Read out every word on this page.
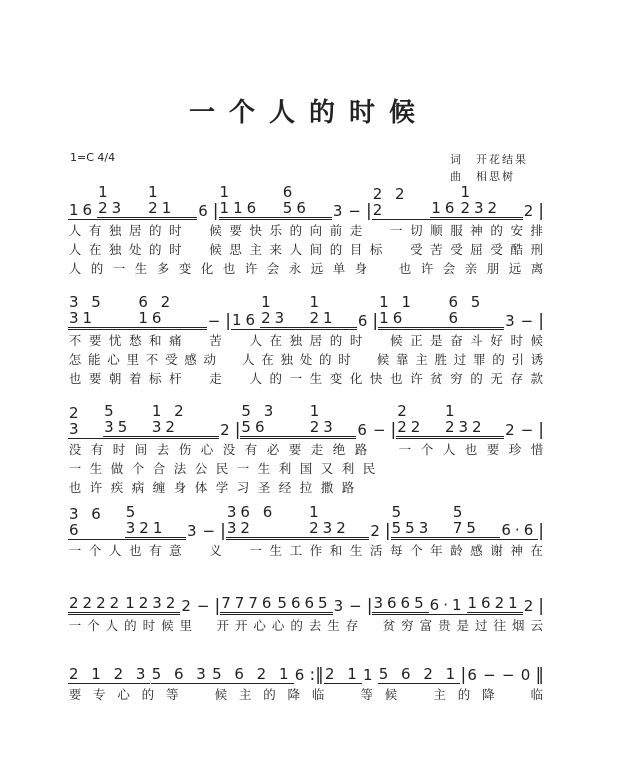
一个人的时候
1=C 4/4	词　开花结果
曲　相思树
16
1 23
1 21	6 |
1 116
6 56	3 − |
2 2 2	16
1 232	2 |
人 有 独 居 的 时 候 要 快 乐 的 向 前 走 一 切 顺 服 神 的 安 排
人 在 独 处 的 时 候 思 主 来 人 间 的 目 标 受 苦 受 屈 受 酷 刑
人 的 一 生 多 变 化 也 许 会 永 远 单 身	也 许 会 亲 朋 远 离
3 5 31
6 2 16	− | 16
1 23
1 21	6 |
1 1 16
6 5 6	3 − |
不 要 忧 愁 和 痛 苦 人 在 独 居 的 时 候 正 是 奋 斗 好 时 候
怎 能 心 里 不 受 感 动 人 在 独 处 的 时 候 靠 主 胜 过 罪 的 引 诱
也 要 朝 着 标 杆 走 人 的 一 生 变 化 快 也 许 贫 穷 的 无 存 款
2 3
5 35
1 2 32	2 |
5 3 56
1 23	6 − |
2 22
1 232	2 − |
没 有 时 间 去 伤 心 没 有 必 要 走 绝 路	一 个 人 也 要 珍 惜
一 生 做 个 合 法 公 民 一 生 利 国 又 利 民
也 许 疾 病 缠 身 体 学 习 圣 经 拉 撒 路
3 6 6
5 321	3 − |
36 6 32
1 232	2 |
5 553
5 75	6·6 |
一 个 人 也 有 意 义 一 生 工 作 和 生 活 每 个 年 龄 感 谢 神 在
2222 1232 2 − | 7776 5665 3 − | 3665 6·1 1621 2 |
一 个 人 的 时 候 里 开 开 心 心 的 去 生 存 贫 穷 富 贵 是 过 往 烟 云
2 1 2 3 5 6 3 5 6 2 1 6 :‖ 2 1 1 5 6 2 1 | 6 − − 0 ‖
要 专 心 的 等	候 主 的 降 临	等 候	主 的 降	临
